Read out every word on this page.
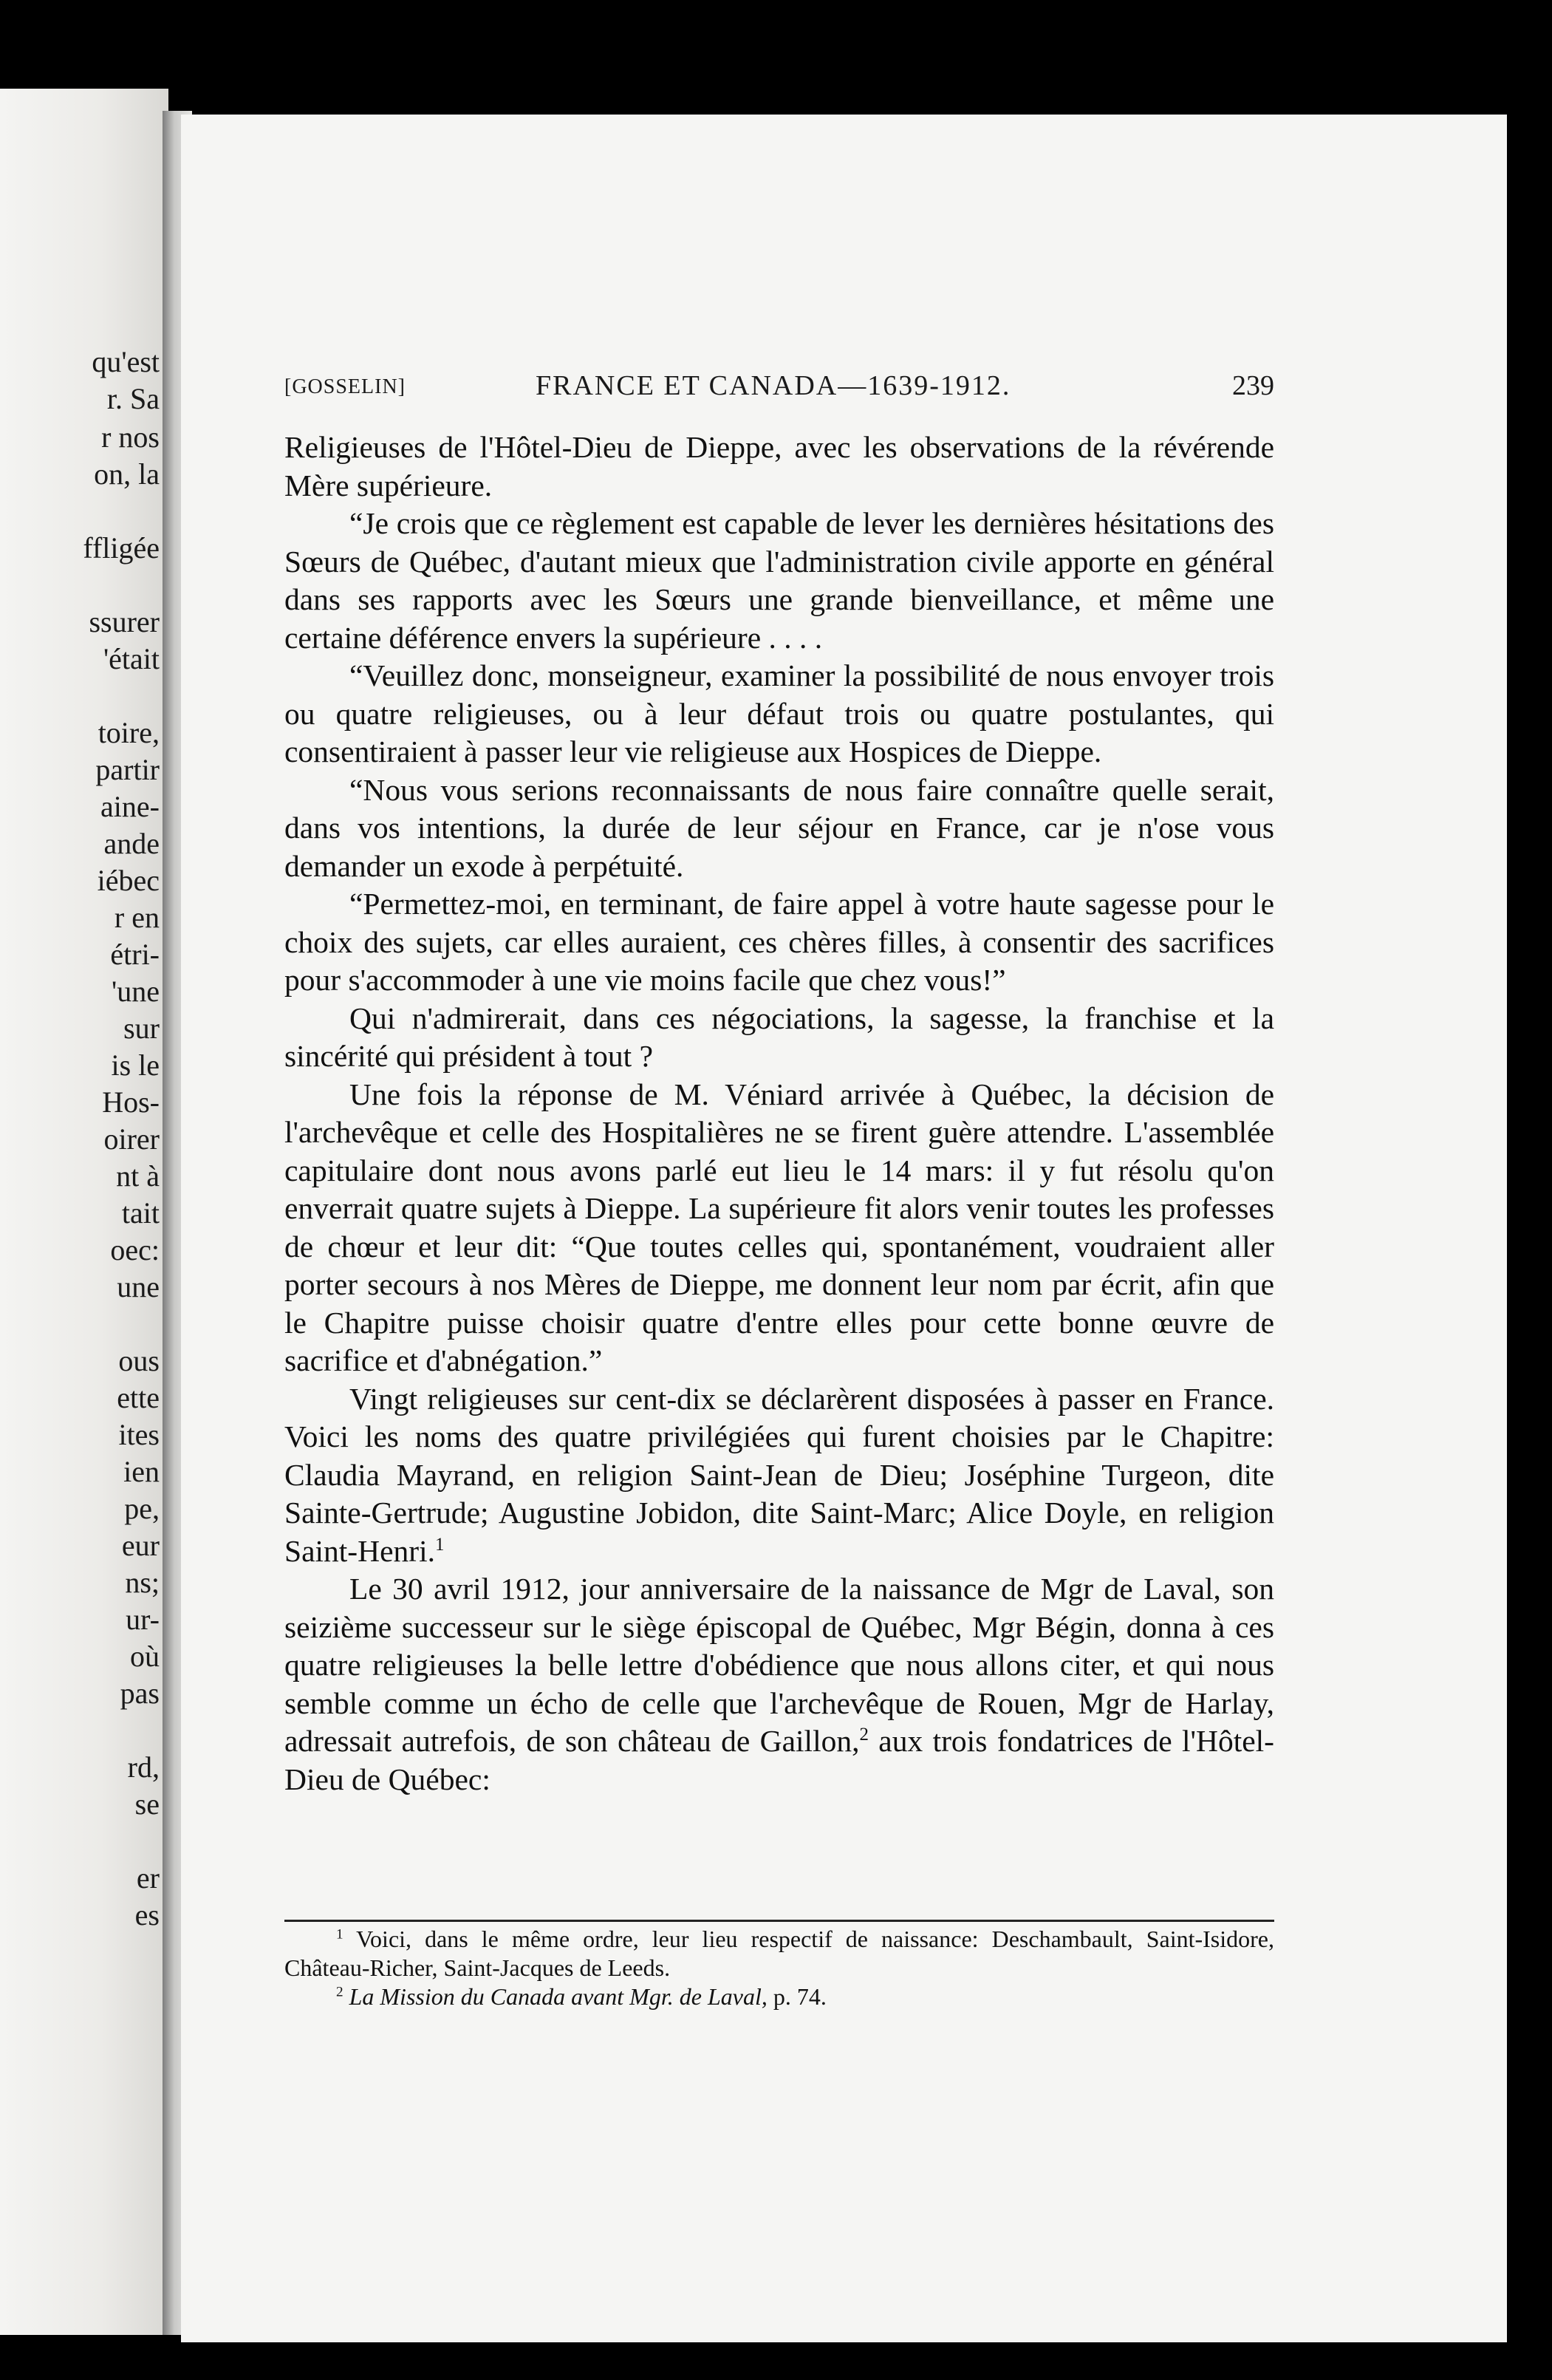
qu'est
r. Sa
r nos
on, la
ffligée
ssurer
'était
toire,
partir
aine-
ande
iébec
r en
étri-
'une
sur
is le
Hos-
oirer
nt à
tait
oec:
une
ous
ette
ites
ien
pe,
eur
ns;
ur-
où
pas
rd,
se
er
es
[GOSSELIN]	FRANCE ET CANADA—1639-1912.	239

Religieuses de l'Hôtel-Dieu de Dieppe, avec les observations de la révérende Mère supérieure.

“Je crois que ce règlement est capable de lever les dernières hésitations des Sœurs de Québec, d'autant mieux que l'administration civile apporte en général dans ses rapports avec les Sœurs une grande bienveillance, et même une certaine déférence envers la supérieure . . . .

“Veuillez donc, monseigneur, examiner la possibilité de nous envoyer trois ou quatre religieuses, ou à leur défaut trois ou quatre postulantes, qui consentiraient à passer leur vie religieuse aux Hospices de Dieppe.

“Nous vous serions reconnaissants de nous faire connaître quelle serait, dans vos intentions, la durée de leur séjour en France, car je n'ose vous demander un exode à perpétuité.

“Permettez-moi, en terminant, de faire appel à votre haute sagesse pour le choix des sujets, car elles auraient, ces chères filles, à consentir des sacrifices pour s'accommoder à une vie moins facile que chez vous!”

Qui n'admirerait, dans ces négociations, la sagesse, la franchise et la sincérité qui président à tout ?

Une fois la réponse de M. Véniard arrivée à Québec, la décision de l'archevêque et celle des Hospitalières ne se firent guère attendre. L'assemblée capitulaire dont nous avons parlé eut lieu le 14 mars: il y fut résolu qu'on enverrait quatre sujets à Dieppe. La supérieure fit alors venir toutes les professes de chœur et leur dit: “Que toutes celles qui, spontanément, voudraient aller porter secours à nos Mères de Dieppe, me donnent leur nom par écrit, afin que le Chapitre puisse choisir quatre d'entre elles pour cette bonne œuvre de sacrifice et d'abnégation.”

Vingt religieuses sur cent-dix se déclarèrent disposées à passer en France. Voici les noms des quatre privilégiées qui furent choisies par le Chapitre: Claudia Mayrand, en religion Saint-Jean de Dieu; Joséphine Turgeon, dite Sainte-Gertrude; Augustine Jobidon, dite Saint-Marc; Alice Doyle, en religion Saint-Henri.$^1$

Le 30 avril 1912, jour anniversaire de la naissance de Mgr de Laval, son seizième successeur sur le siège épiscopal de Québec, Mgr Bégin, donna à ces quatre religieuses la belle lettre d'obédience que nous allons citer, et qui nous semble comme un écho de celle que l'archevêque de Rouen, Mgr de Harlay, adressait autrefois, de son château de Gaillon,$^2$ aux trois fondatrices de l'Hôtel-Dieu de Québec:

$^1$ Voici, dans le même ordre, leur lieu respectif de naissance: Deschambault, Saint-Isidore, Château-Richer, Saint-Jacques de Leeds.

$^2$ La Mission du Canada avant Mgr. de Laval, p. 74.
